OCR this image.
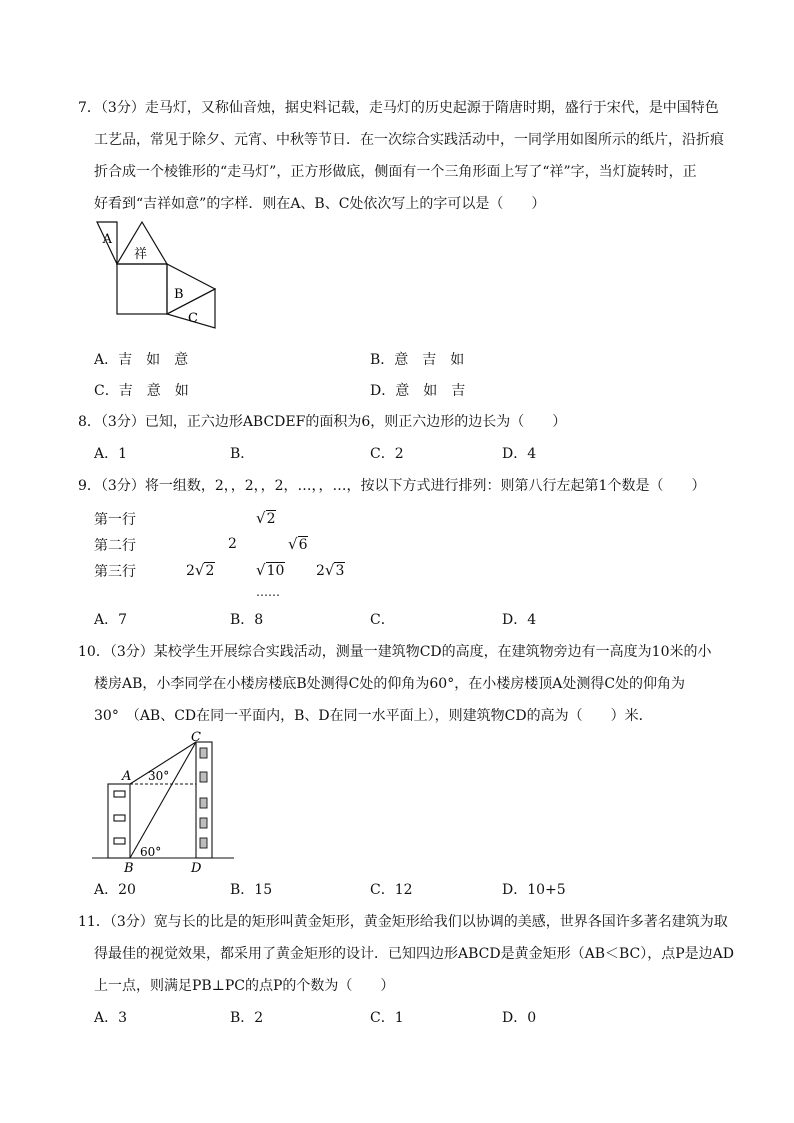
7．（3分）走马灯，又称仙音烛，据史料记载，走马灯的历史起源于隋唐时期，盛行于宋代，是中国特色
工艺品，常见于除夕、元宵、中秋等节日．在一次综合实践活动中，一同学用如图所示的纸片，沿折痕
折合成一个棱锥形的“走马灯”，正方形做底，侧面有一个三角形面上写了“祥”字，当灯旋转时，正
好看到“吉祥如意”的字样．则在A、B、C处依次写上的字可以是（　　）
A
祥
B
C
A．吉　如　意	B．意　吉　如
C．吉　意　如	D．意　如　吉
8．（3分）已知，正六边形ABCDEF的面积为6，则正六边形的边长为（　　）
A．1	B．	C．2	D．4
9．（3分）将一组数，2，，2，，2，…，，…，按以下方式进行排列：则第八行左起第1个数是（　　）
第一行	√2
第二行	2	√6
第三行	2√2	√10 2√3
……
A．7	B．8	C．	D．4
10．（3分）某校学生开展综合实践活动，测量一建筑物CD的高度，在建筑物旁边有一高度为10米的小
楼房AB，小李同学在小楼房楼底B处测得C处的仰角为60°，在小楼房楼顶A处测得C处的仰角为
30°　（AB、CD在同一平面内，B、D在同一水平面上），则建筑物CD的高为（　　）米．
C
A 30°
B
60°
D
A．20	B．15	C．12	D．10+5
11．（3分）宽与长的比是的矩形叫黄金矩形，黄金矩形给我们以协调的美感，世界各国许多著名建筑为取
得最佳的视觉效果，都采用了黄金矩形的设计．已知四边形ABCD是黄金矩形（AB＜BC），点P是边AD
上一点，则满足PB⊥PC的点P的个数为（　　）
A．3	B．2	C．1	D．0
